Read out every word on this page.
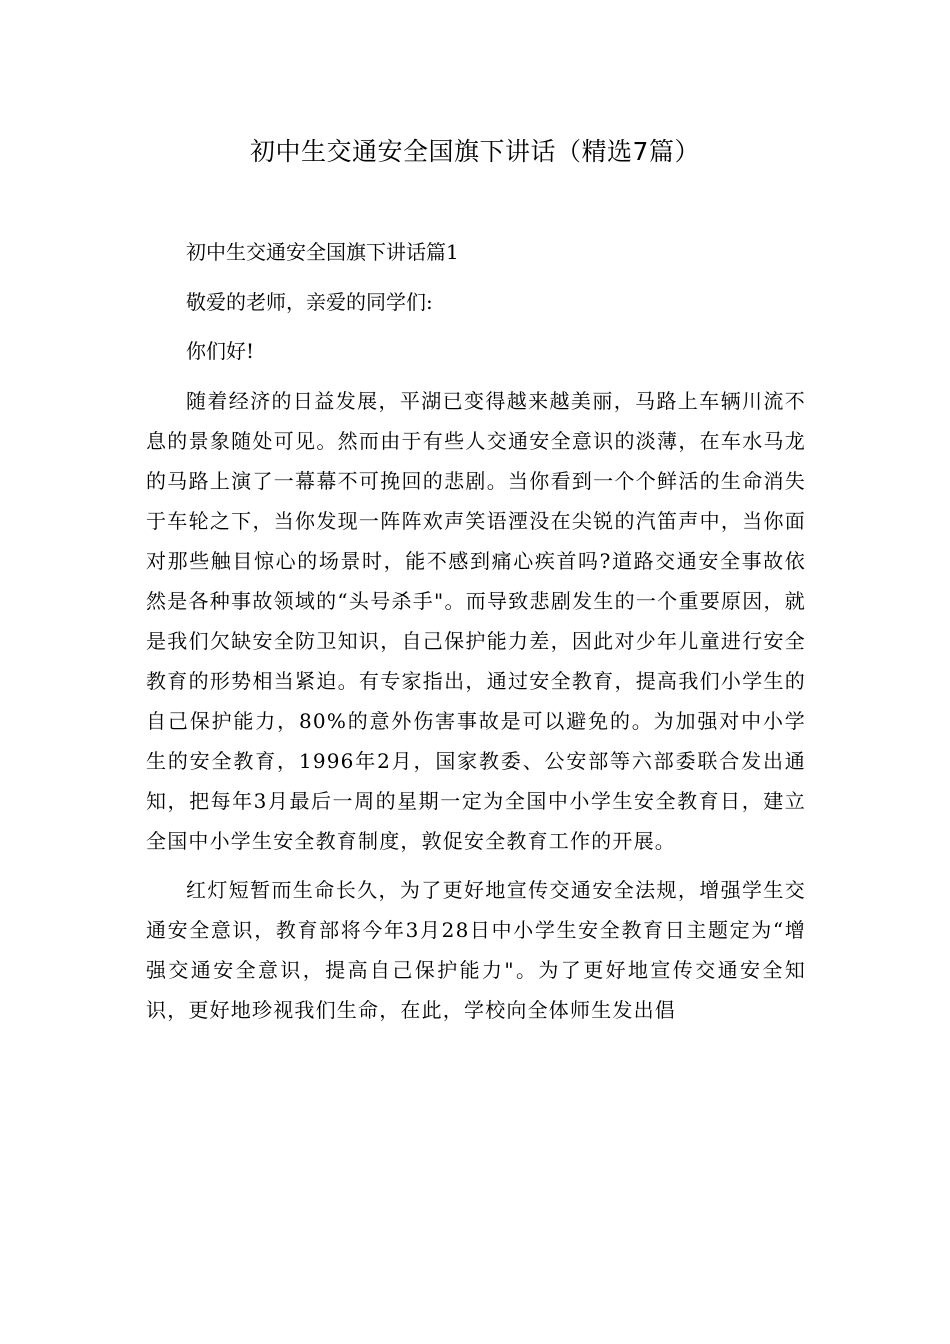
初中生交通安全国旗下讲话（精选7篇）

初中生交通安全国旗下讲话篇1

敬爱的老师，亲爱的同学们:

你们好!

随着经济的日益发展，平湖已变得越来越美丽，马路上车辆川流不息的景象随处可见。然而由于有些人交通安全意识的淡薄，在车水马龙的马路上演了一幕幕不可挽回的悲剧。当你看到一个个鲜活的生命消失于车轮之下，当你发现一阵阵欢声笑语湮没在尖锐的汽笛声中，当你面对那些触目惊心的场景时，能不感到痛心疾首吗?道路交通安全事故依然是各种事故领域的“头号杀手"。而导致悲剧发生的一个重要原因，就是我们欠缺安全防卫知识，自己保护能力差，因此对少年儿童进行安全教育的形势相当紧迫。有专家指出，通过安全教育，提高我们小学生的自己保护能力，80%的意外伤害事故是可以避免的。为加强对中小学生的安全教育，1996年2月，国家教委、公安部等六部委联合发出通知，把每年3月最后一周的星期一定为全国中小学生安全教育日，建立全国中小学生安全教育制度，敦促安全教育工作的开展。

红灯短暂而生命长久，为了更好地宣传交通安全法规，增强学生交通安全意识，教育部将今年3月28日中小学生安全教育日主题定为“增强交通安全意识，提高自己保护能力"。为了更好地宣传交通安全知识，更好地珍视我们生命，在此，学校向全体师生发出倡
